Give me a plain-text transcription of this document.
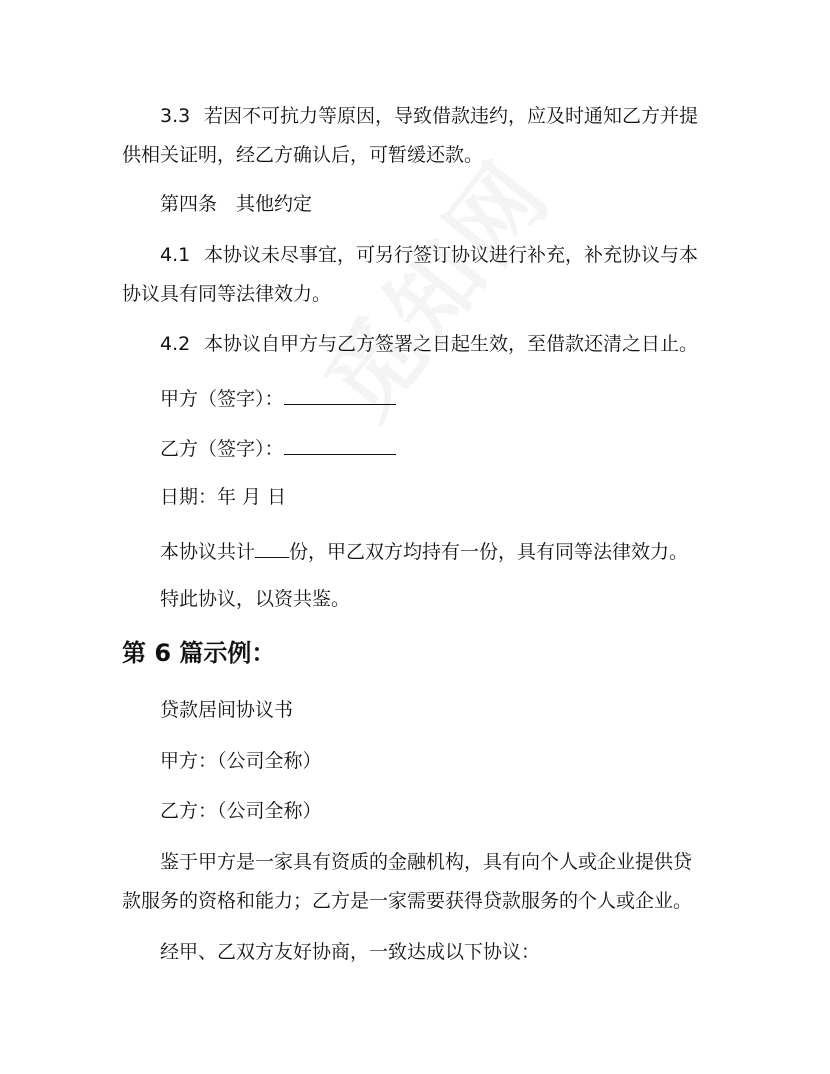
3.3 若因不可抗力等原因，导致借款违约，应及时通知乙方并提
供相关证明，经乙方确认后，可暂缓还款。
第四条　其他约定
4.1 本协议未尽事宜，可另行签订协议进行补充，补充协议与本
协议具有同等法律效力。
4.2 本协议自甲方与乙方签署之日起生效，至借款还清之日止。
甲方（签字）：
乙方（签字）：
日期：年 月 日
本协议共计 份，甲乙双方均持有一份，具有同等法律效力。
特此协议，以资共鉴。
第 6 篇示例：
贷款居间协议书
甲方：（公司全称）
乙方：（公司全称）
鉴于甲方是一家具有资质的金融机构，具有向个人或企业提供贷
款服务的资格和能力；乙方是一家需要获得贷款服务的个人或企业。
经甲、乙双方友好协商，一致达成以下协议：
